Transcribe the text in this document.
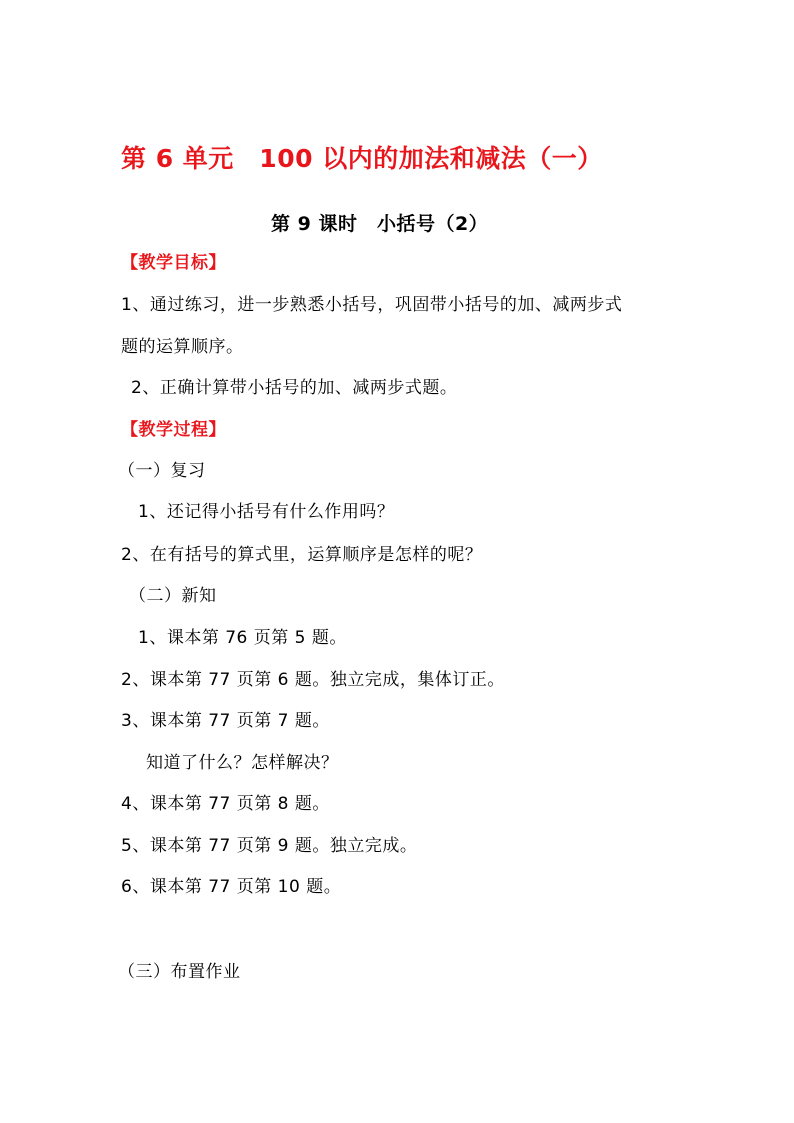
第 6 单元　100 以内的加法和减法（一）
第 9 课时　小括号（2）
【教学目标】
1、通过练习，进一步熟悉小括号，巩固带小括号的加、减两步式
题的运算顺序。
2、正确计算带小括号的加、减两步式题。
【教学过程】
（一）复习
1、还记得小括号有什么作用吗？
2、在有括号的算式里，运算顺序是怎样的呢？
（二）新知
1、课本第 76 页第 5 题。
2、课本第 77 页第 6 题。独立完成，集体订正。
3、课本第 77 页第 7 题。
知道了什么？怎样解决？
4、课本第 77 页第 8 题。
5、课本第 77 页第 9 题。独立完成。
6、课本第 77 页第 10 题。
（三）布置作业
